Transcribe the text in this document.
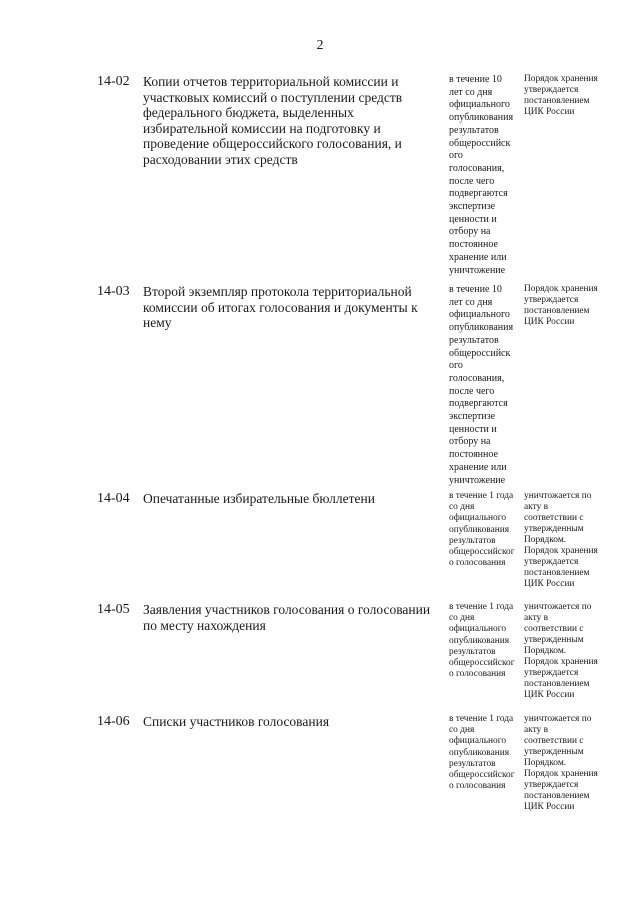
2
14-02 Копии отчетов территориальной комиссии и участковых комиссий о поступлении средств федерального бюджета, выделенных избирательной комиссии на подготовку и проведение общероссийского голосования, и расходовании этих средств
в течение 10
лет со дня
официального
опубликования
результатов
общероссийск
ого
голосования,
после чего
подвергаются
экспертизе
ценности и
отбору на
постоянное
хранение или
уничтожение
Порядок хранения
утверждается
постановлением
ЦИК России
14-03 Второй экземпляр протокола территориальной комиссии об итогах голосования и документы к нему
в течение 10
лет со дня
официального
опубликования
результатов
общероссийск
ого
голосования,
после чего
подвергаются
экспертизе
ценности и
отбору на
постоянное
хранение или
уничтожение
Порядок хранения
утверждается
постановлением
ЦИК России
14-04 Опечатанные избирательные бюллетени	в течение 1 года
со дня
официального
опубликования
результатов
общероссийског
о голосования
уничтожается по
акту в
соответствии с
утвержденным
Порядком.
Порядок хранения
утверждается
постановлением
ЦИК России
14-05 Заявления участников голосования о голосовании по месту нахождения
в течение 1 года
со дня
официального
опубликования
результатов
общероссийског
о голосования
уничтожается по
акту в
соответствии с
утвержденным
Порядком.
Порядок хранения
утверждается
постановлением
ЦИК России
14-06 Списки участников голосования	в течение 1 года
со дня
официального
опубликования
результатов
общероссийског
о голосования
уничтожается по
акту в
соответствии с
утвержденным
Порядком.
Порядок хранения
утверждается
постановлением
ЦИК России
